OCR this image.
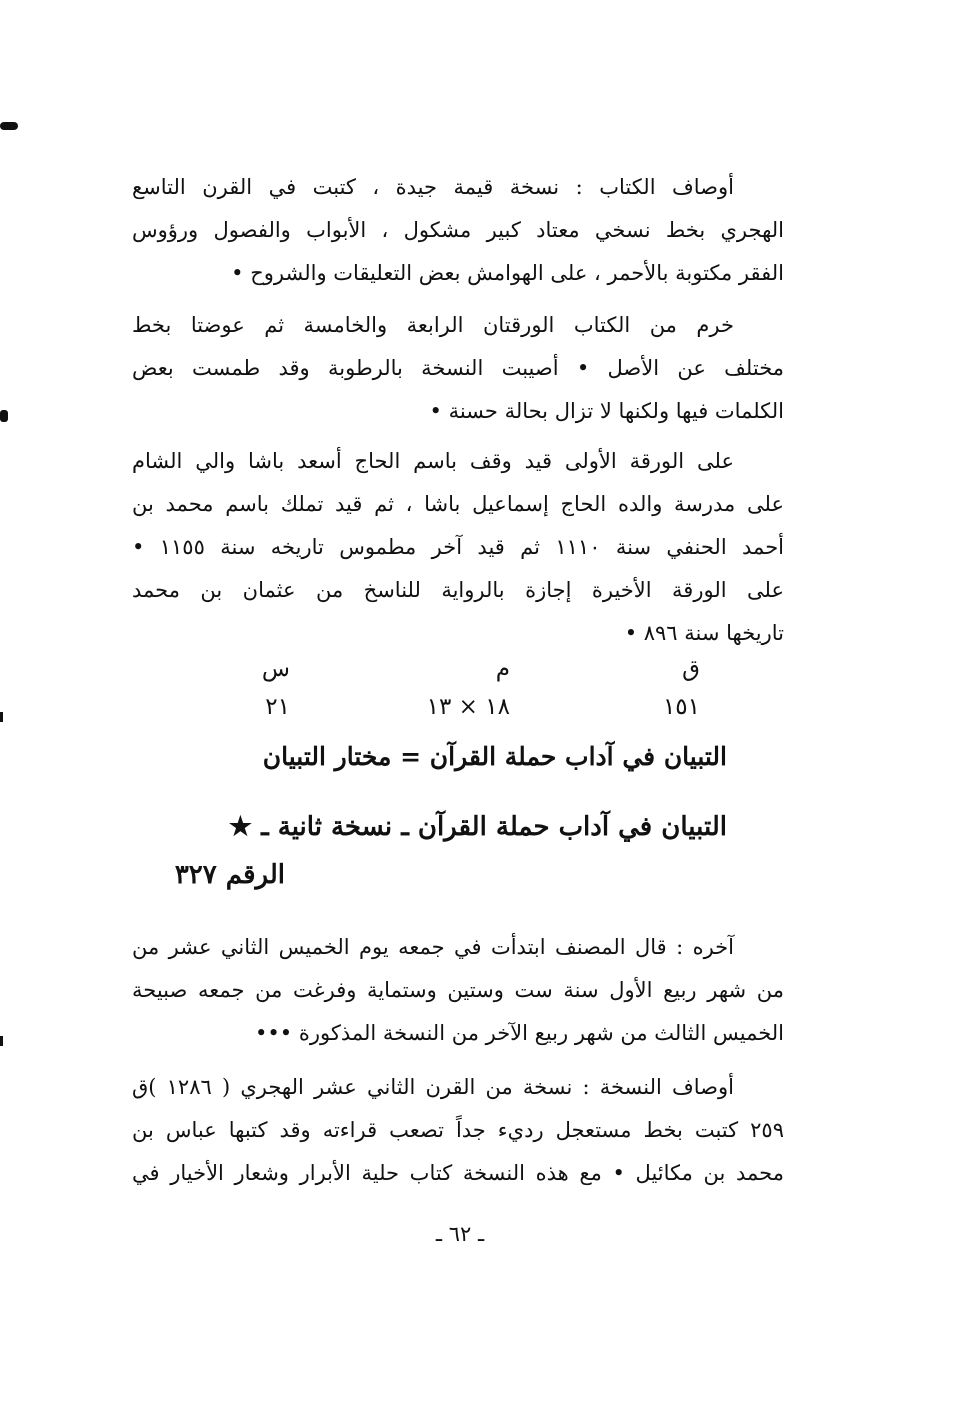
أوصاف الكتاب : نسخة قيمة جيدة ، كتبت في القرن التاسع
الهجري بخط نسخي معتاد كبير مشكول ، الأبواب والفصول ورؤوس
الفقر مكتوبة بالأحمر ، على الهوامش بعض التعليقات والشروح •
خرم من الكتاب الورقتان الرابعة والخامسة ثم عوضتا بخط
مختلف عن الأصل • أصيبت النسخة بالرطوبة وقد طمست بعض
الكلمات فيها ولكنها لا تزال بحالة حسنة •
على الورقة الأولى قيد وقف باسم الحاج أسعد باشا والي الشام
على مدرسة والده الحاج إسماعيل باشا ، ثم قيد تملك باسم محمد بن
أحمد الحنفي سنة ١١١٠ ثم قيد آخر مطموس تاريخه سنة ١١٥٥ •
على الورقة الأخيرة إجازة بالرواية للناسخ من عثمان بن محمد
تاريخها سنة ٨٩٦ •
ق
م
س
١٥١
١٨ × ١٣
٢١
التبيان في آداب حملة القرآن = مختار التبيان
التبيان في آداب حملة القرآن ـ نسخة ثانية ـ ★
الرقم ٣٢٧
آخره : قال المصنف ابتدأت في جمعه يوم الخميس الثاني عشر من
من شهر ربيع الأول سنة ست وستين وستماية وفرغت من جمعه صبيحة
الخميس الثالث من شهر ربيع الآخر من النسخة المذكورة •••
أوصاف النسخة : نسخة من القرن الثاني عشر الهجري ( ١٢٨٦ )ق
٢٥٩ كتبت بخط مستعجل رديء جداً تصعب قراءته وقد كتبها عباس بن
محمد بن مكائيل • مع هذه النسخة كتاب حلية الأبرار وشعار الأخيار في
ـ ٦٢ ـ
